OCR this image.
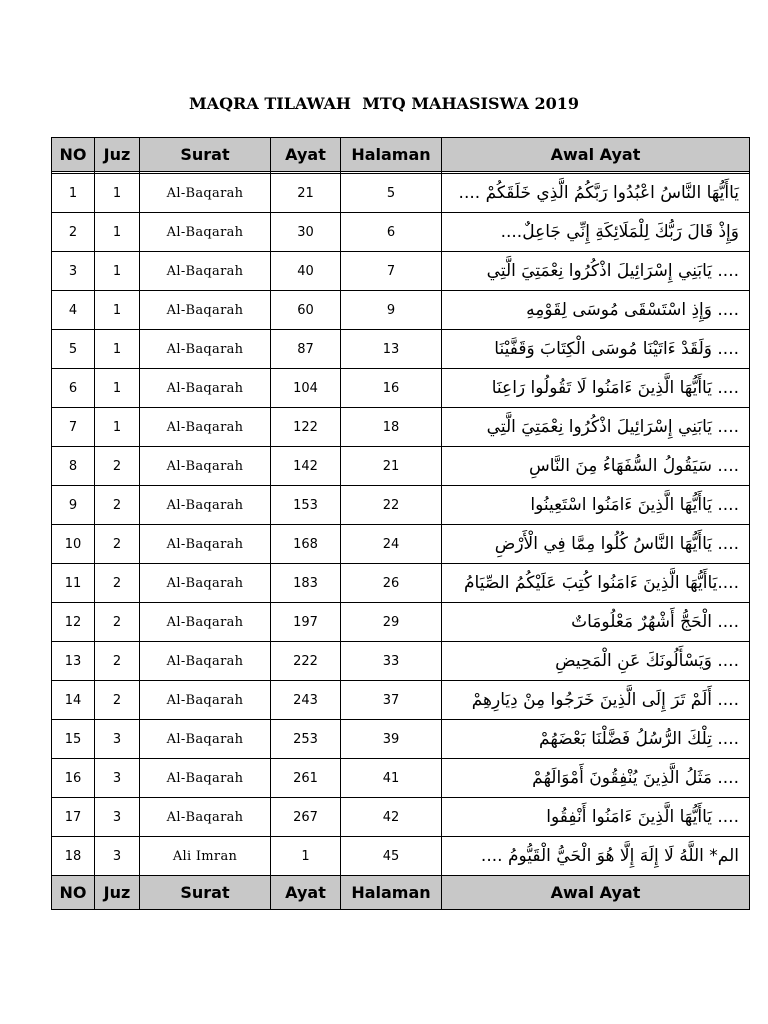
MAQRA TILAWAH  MTQ MAHASISWA 2019
NO	Juz	Surat	Ayat	Halaman	Awal Ayat

1	1	Al-Baqarah	21	5	يَاأَيُّهَا النَّاسُ اعْبُدُوا رَبَّكُمُ الَّذِي خَلَقَكُمْ ....
2	1	Al-Baqarah	30	6	وَإِذْ قَالَ رَبُّكَ لِلْمَلَائِكَةِ إِنِّي جَاعِلٌ....
3	1	Al-Baqarah	40	7	.... يَابَنِي إِسْرَائِيلَ اذْكُرُوا نِعْمَتِيَ الَّتِي
4	1	Al-Baqarah	60	9	.... وَإِذِ اسْتَسْقَى مُوسَى لِقَوْمِهِ
5	1	Al-Baqarah	87	13	.... وَلَقَدْ ءَاتَيْنَا مُوسَى الْكِتَابَ وَقَفَّيْنَا
6	1	Al-Baqarah	104	16	.... يَاأَيُّهَا الَّذِينَ ءَامَنُوا لَا تَقُولُوا رَاعِنَا
7	1	Al-Baqarah	122	18	.... يَابَنِي إِسْرَائِيلَ اذْكُرُوا نِعْمَتِيَ الَّتِي
8	2	Al-Baqarah	142	21	.... سَيَقُولُ السُّفَهَاءُ مِنَ النَّاسِ
9	2	Al-Baqarah	153	22	.... يَاأَيُّهَا الَّذِينَ ءَامَنُوا اسْتَعِينُوا
10	2	Al-Baqarah	168	24	.... يَاأَيُّهَا النَّاسُ كُلُوا مِمَّا فِي الْأَرْضِ
11	2	Al-Baqarah	183	26	....يَاأَيُّهَا الَّذِينَ ءَامَنُوا كُتِبَ عَلَيْكُمُ الصِّيَامُ
12	2	Al-Baqarah	197	29	.... الْحَجُّ أَشْهُرٌ مَعْلُومَاتٌ
13	2	Al-Baqarah	222	33	.... وَيَسْأَلُونَكَ عَنِ الْمَحِيضِ
14	2	Al-Baqarah	243	37	.... أَلَمْ تَرَ إِلَى الَّذِينَ خَرَجُوا مِنْ دِيَارِهِمْ
15	3	Al-Baqarah	253	39	.... تِلْكَ الرُّسُلُ فَضَّلْنَا بَعْضَهُمْ
16	3	Al-Baqarah	261	41	.... مَثَلُ الَّذِينَ يُنْفِقُونَ أَمْوَالَهُمْ
17	3	Al-Baqarah	267	42	.... يَاأَيُّهَا الَّذِينَ ءَامَنُوا أَنْفِقُوا
18	3	Ali Imran	1	45	الم* اللَّهُ لَا إِلَهَ إِلَّا هُوَ الْحَيُّ الْقَيُّومُ ....
NO	Juz	Surat	Ayat	Halaman	Awal Ayat
